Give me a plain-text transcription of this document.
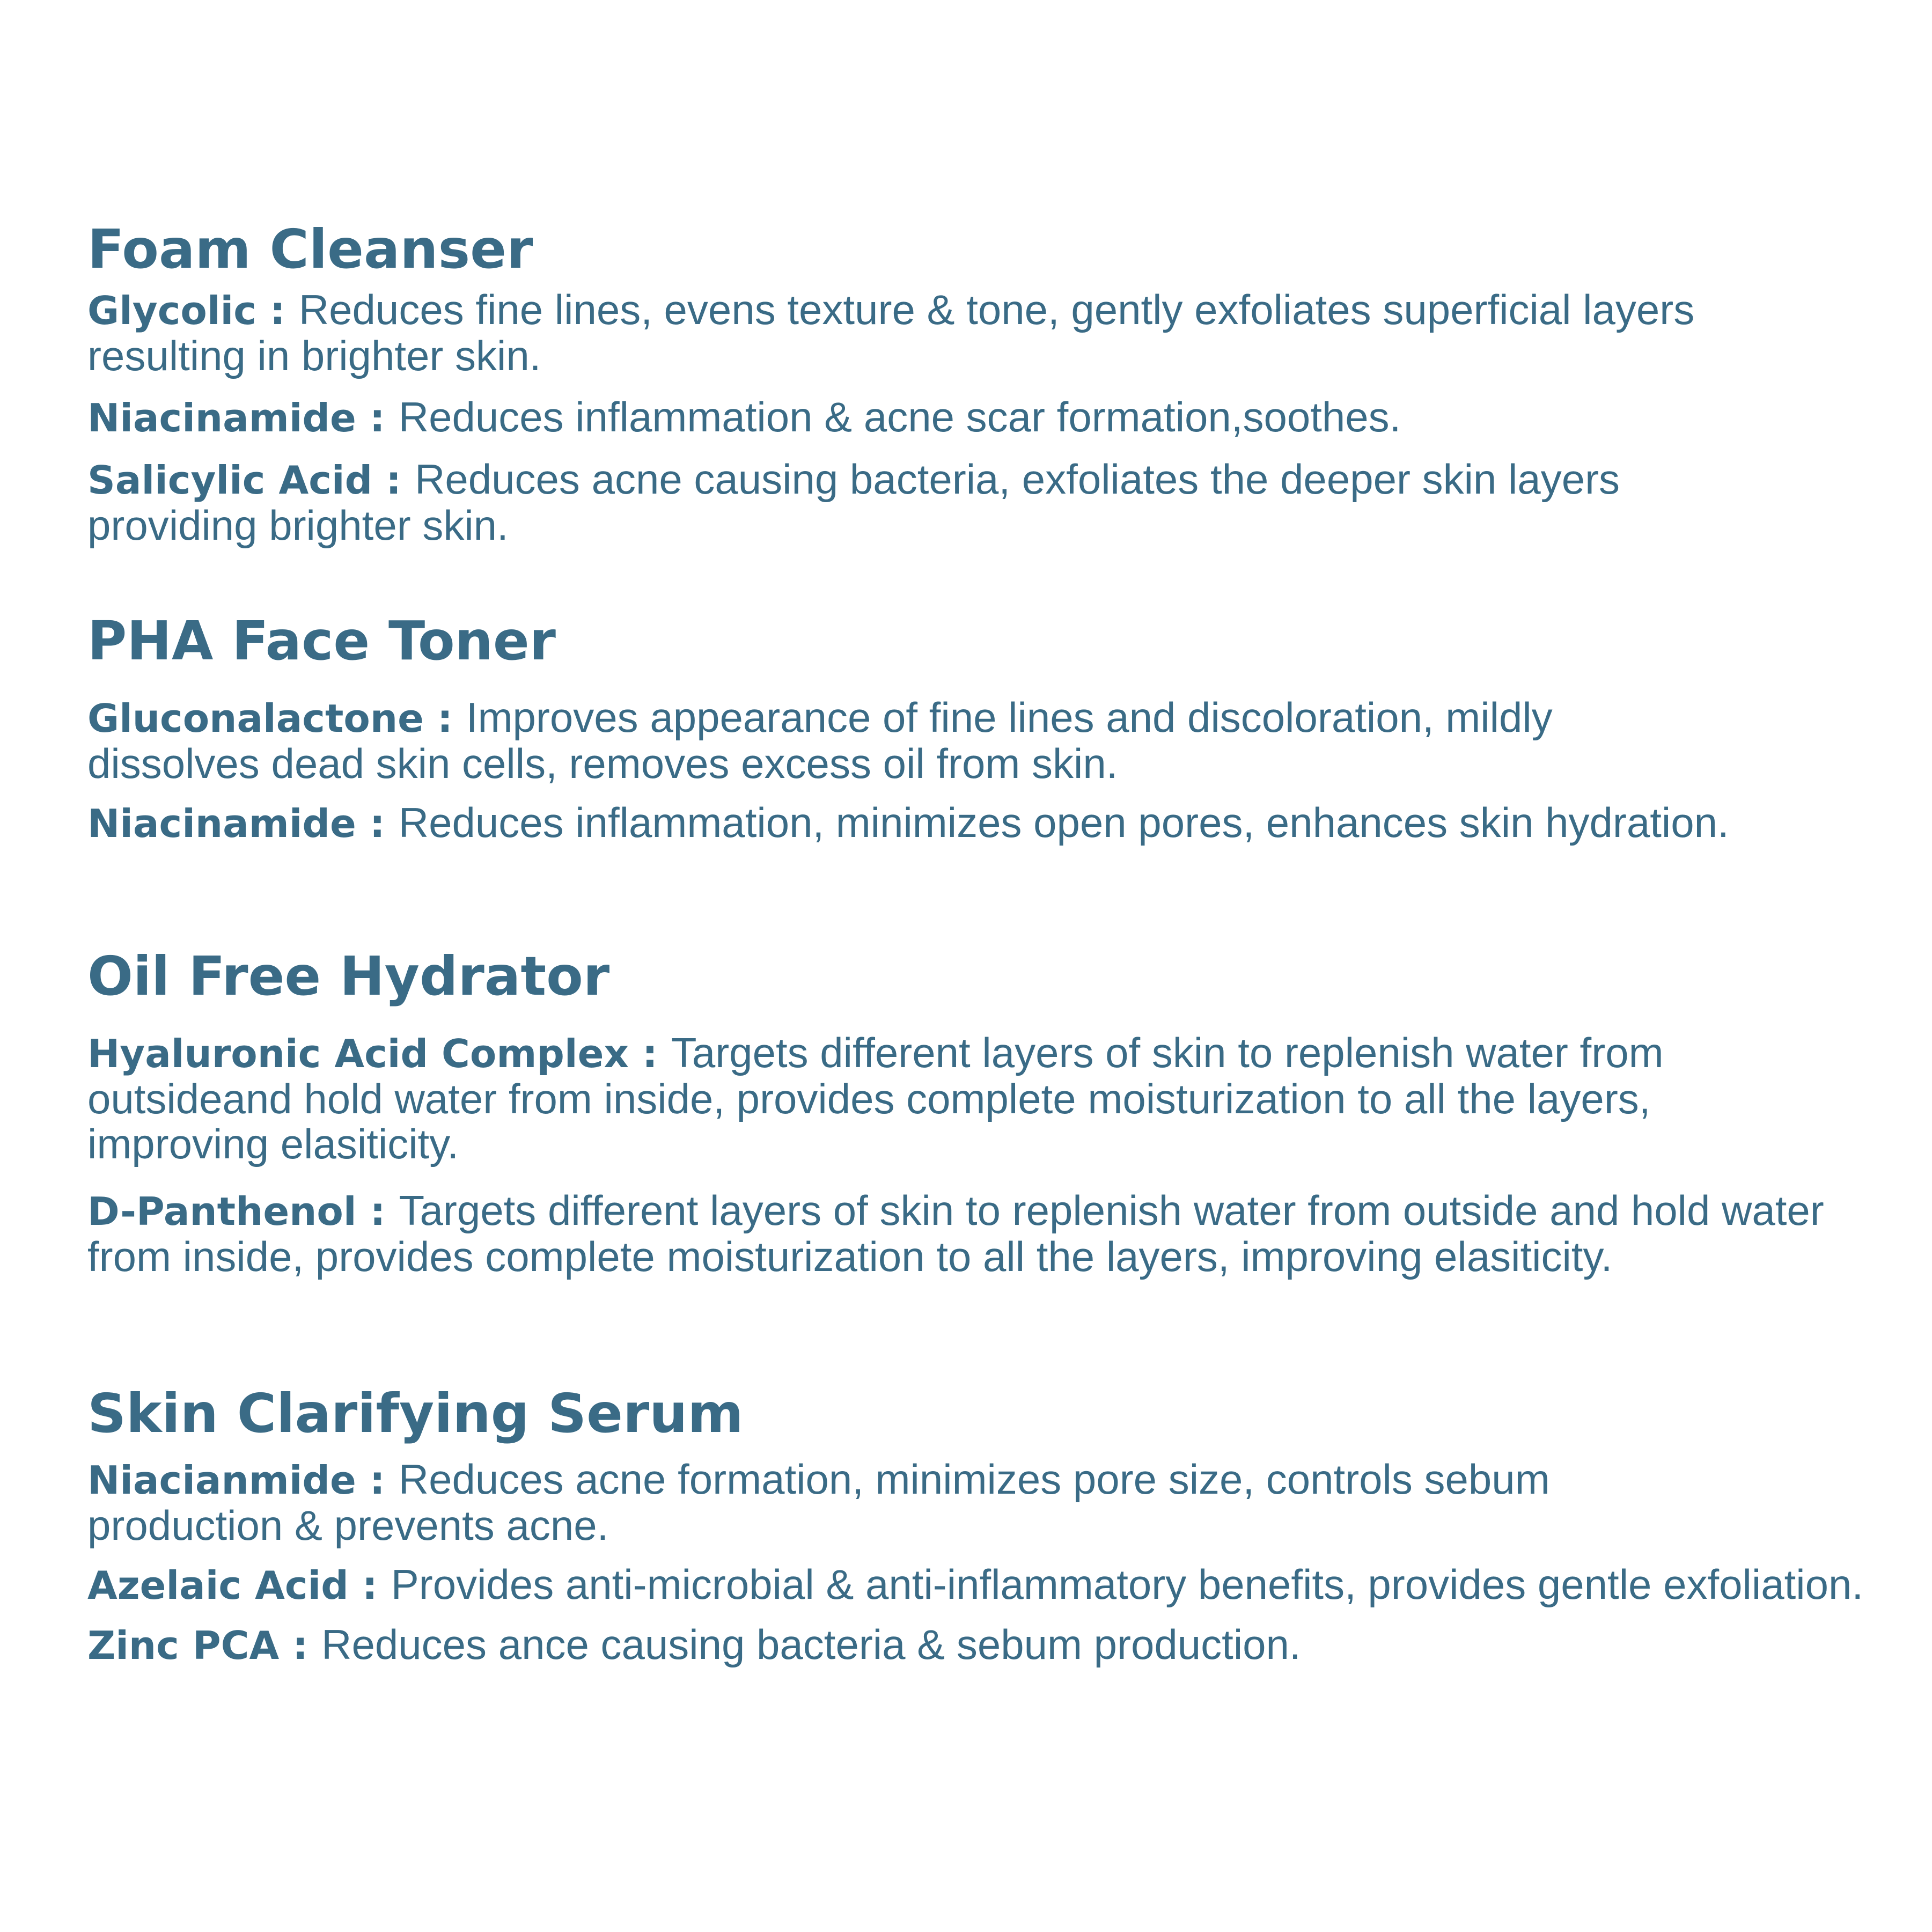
Foam Cleanser

Glycolic : Reduces fine lines, evens texture & tone, gently exfoliates superficial layers resulting in brighter skin.

Niacinamide : Reduces inflammation & acne scar formation,soothes.

Salicylic Acid : Reduces acne causing bacteria, exfoliates the deeper skin layers providing brighter skin.

PHA Face Toner

Gluconalactone : Improves appearance of fine lines and discoloration, mildly dissolves dead skin cells, removes excess oil from skin.

Niacinamide : Reduces inflammation, minimizes open pores, enhances skin hydration.

Oil Free Hydrator

Hyaluronic Acid Complex : Targets different layers of skin to replenish water from outsideand hold water from inside, provides complete moisturization to all the layers, improving elasiticity.

D-Panthenol : Targets different layers of skin to replenish water from outside and hold water from inside, provides complete moisturization to all the layers, improving elasiticity.

Skin Clarifying Serum

Niacianmide : Reduces acne formation, minimizes pore size, controls sebum production & prevents acne.

Azelaic Acid : Provides anti-microbial & anti-inflammatory benefits, provides gentle exfoliation.

Zinc PCA : Reduces ance causing bacteria & sebum production.
